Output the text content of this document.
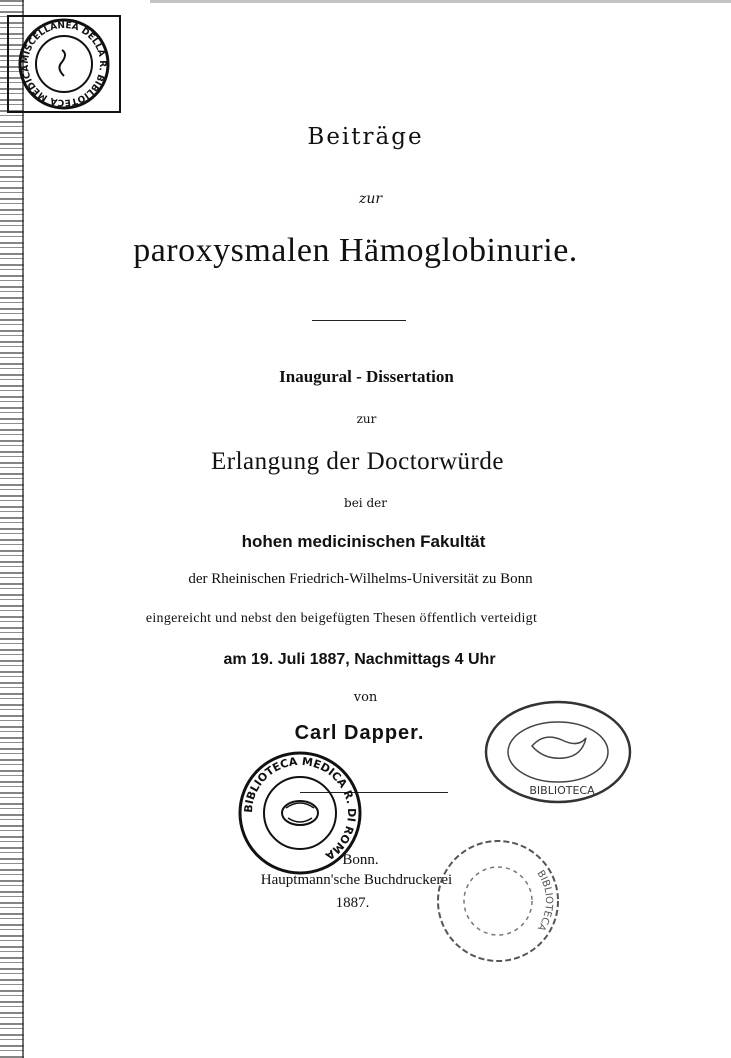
MISCELLANEA DELLA R. BIBLIOTECA MEDICA
Beiträge
zur
paroxysmalen Hämoglobinurie.
Inaugural - Dissertation
zur
Erlangung der Doctorwürde
bei der
hohen medicinischen Fakultät
der Rheinischen Friedrich-Wilhelms-Universität zu Bonn
eingereicht und nebst den beigefügten Thesen öffentlich verteidigt
am 19. Juli 1887, Nachmittags 4 Uhr
von
Carl Dapper.
BIBLIOTECA MEDICA R. DI ROMA
BIBLIOTECA
Bonn.
Hauptmann'sche Buchdruckerei
1887.
BIBLIOTECA
